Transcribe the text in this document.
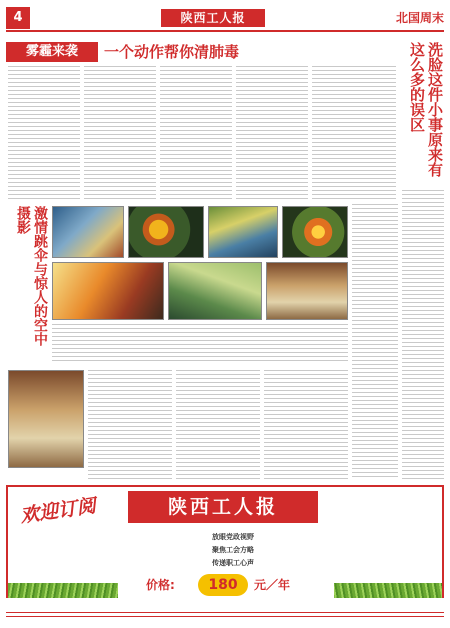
4	陕西工人报	北国周末
雾霾来袭	一个动作帮你清肺毒	洗脸这件小事原来有这么多的误区
激情跳伞与惊人的空中摄影
欢迎订阅	陕西工人报
放眼党政视野
聚焦工会方略
传递职工心声
价格:	180	元／年
